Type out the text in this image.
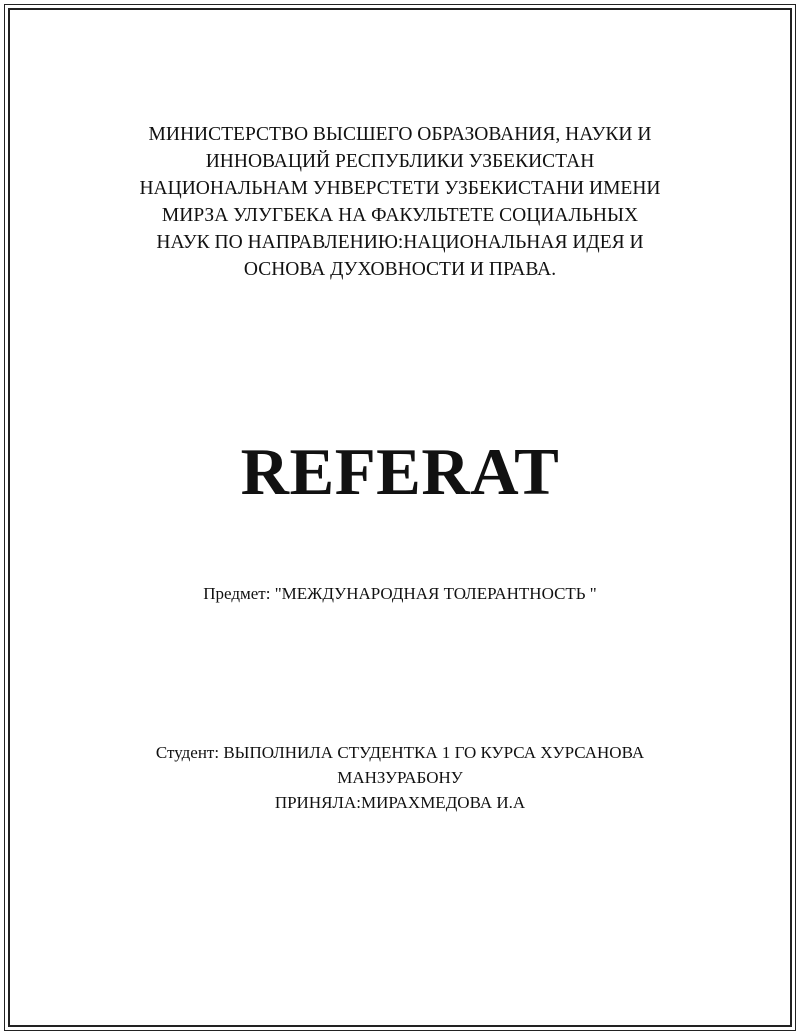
МИНИСТЕРСТВО ВЫСШЕГО ОБРАЗОВАНИЯ, НАУКИ И
ИННОВАЦИЙ РЕСПУБЛИКИ УЗБЕКИСТАН
НАЦИОНАЛЬНАМ УНВЕРСТЕТИ УЗБЕКИСТАНИ ИМЕНИ
МИРЗА УЛУГБЕКА НА ФАКУЛЬТЕТЕ СОЦИАЛЬНЫХ
НАУК ПО НАПРАВЛЕНИЮ:НАЦИОНАЛЬНАЯ ИДЕЯ И
ОСНОВА ДУХОВНОСТИ И ПРАВА.
REFERAT
Предмет: "МЕЖДУНАРОДНАЯ ТОЛЕРАНТНОСТЬ "
Студент: ВЫПОЛНИЛА СТУДЕНТКА 1 ГО КУРСА ХУРСАНОВА
МАНЗУРАБОНУ
ПРИНЯЛА:МИРАХМЕДОВА И.А
